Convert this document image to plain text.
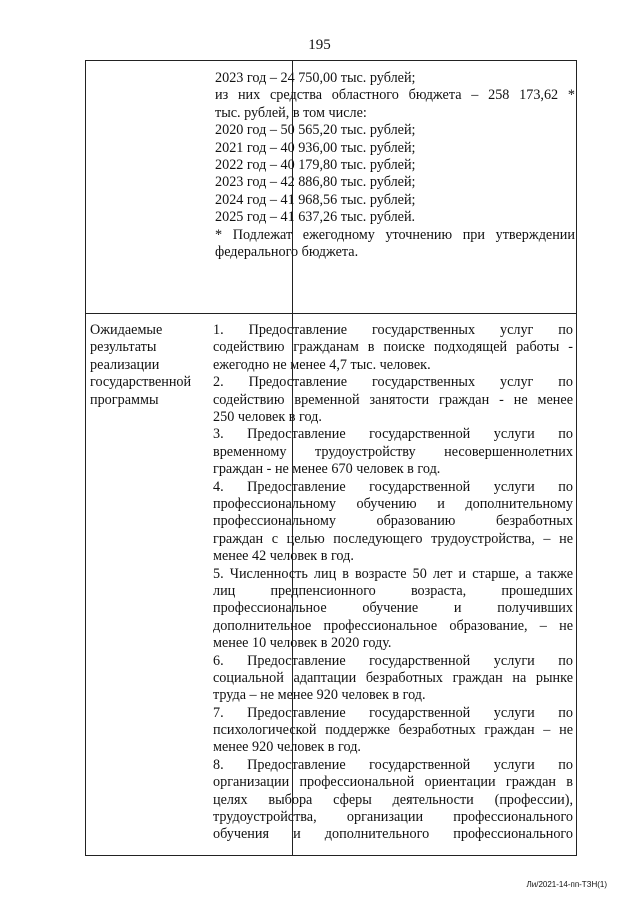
195
2023 год – 24 750,00 тыс. рублей;
из них средства областного бюджета – 258 173,62 *
тыс. рублей, в том числе:
2020 год – 50 565,20 тыс. рублей;
2021 год – 40 936,00 тыс. рублей;
2022 год – 40 179,80 тыс. рублей;
2023 год – 42 886,80 тыс. рублей;
2024 год – 41 968,56 тыс. рублей;
2025 год – 41 637,26 тыс. рублей.
* Подлежат ежегодному уточнению при утверждении
федерального бюджета.
Ожидаемые
результаты
реализации
государственной
программы
1. Предоставление государственных услуг по
содействию гражданам в поиске подходящей работы -
ежегодно не менее 4,7 тыс. человек.
2. Предоставление государственных услуг по
содействию временной занятости граждан - не менее
250 человек в год.
3. Предоставление государственной услуги по
временному трудоустройству несовершеннолетних
граждан - не менее 670 человек в год.
4. Предоставление государственной услуги по
профессиональному обучению и дополнительному
профессиональному образованию безработных
граждан с целью последующего трудоустройства, – не
менее 42 человек в год.
5. Численность лиц в возрасте 50 лет и старше, а также
лиц предпенсионного возраста, прошедших
профессиональное обучение и получивших
дополнительное профессиональное образование, – не
менее 10 человек в 2020 году.
6. Предоставление государственной услуги по
социальной адаптации безработных граждан на рынке
труда – не менее 920 человек в год.
7. Предоставление государственной услуги по
психологической поддержке безработных граждан – не
менее 920 человек в год.
8. Предоставление государственной услуги по
организации профессиональной ориентации граждан в
целях выбора сферы деятельности (профессии),
трудоустройства, организации профессионального
обучения и дополнительного профессионального
Ли/2021-14-пп-ТЗН(1)
